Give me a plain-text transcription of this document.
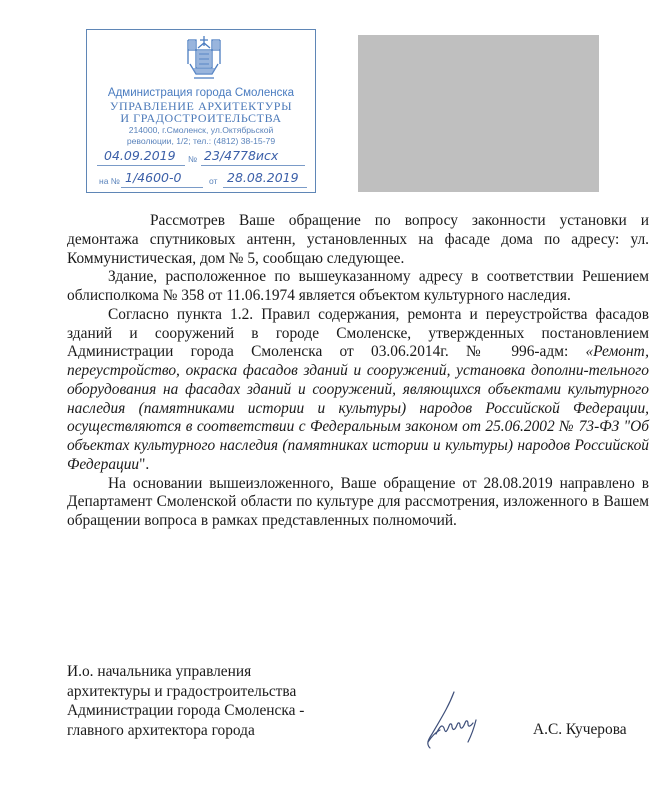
Администрация города Смоленска
УПРАВЛЕНИЕ АРХИТЕКТУРЫ
И ГРАДОСТРОИТЕЛЬСТВА
214000, г.Смоленск, ул.Октябрьской
революции, 1/2; тел.: (4812) 38-15-79
04.09.2019 № 23/4778исх
на № 1/4600-0	от 28.08.2019

Рассмотрев Ваше обращение по вопросу законности установки и демонтажа спутниковых антенн, установленных на фасаде дома по адресу: ул. Коммунистическая, дом № 5, сообщаю следующее.

Здание, расположенное по вышеуказанному адресу в соответствии Решением облисполкома № 358 от 11.06.1974 является объектом культурного наследия.

Согласно пункта 1.2. Правил содержания, ремонта и переустройства фасадов зданий и сооружений в городе Смоленске, утвержденных постановлением Администрации города Смоленска от 03.06.2014г. № 996-адм: «Ремонт, переустройство, окраска фасадов зданий и сооружений, установка дополни-тельного оборудования на фасадах зданий и сооружений, являющихся объектами культурного наследия (памятниками истории и культуры) народов Российской Федерации, осуществляются в соответствии с Федеральным законом от 25.06.2002 № 73-ФЗ "Об объектах культурного наследия (памятниках истории и культуры) народов Российской Федерации".

На основании вышеизложенного, Ваше обращение от 28.08.2019 направлено в Департамент Смоленской области по культуре для рассмотрения, изложенного в Вашем обращении вопроса в рамках представленных полномочий.

И.о. начальника управления
архитектуры и градостроительства
Администрации города Смоленска -
главного архитектора города	А.С. Кучерова
